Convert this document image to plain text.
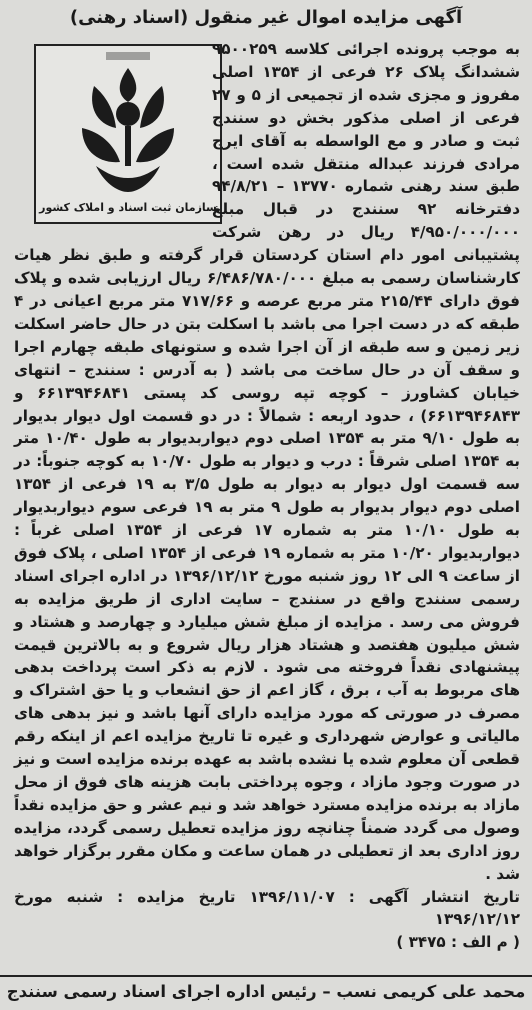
آگهی مزایده اموال غیر منقول (اسناد رهنی)
سازمان ثبت اسناد و املاک کشور
به موجب پرونده اجرائی کلاسه ۹۵۰۰۲۵۹ ششدانگ پلاک ۲۶ فرعی از ۱۳۵۴ اصلی مفروز و مجزی شده از تجمیعی از ۵ و ۲۷ فرعی از اصلی مذکور بخش دو سنندج ثبت و صادر و مع الواسطه به آقای ایرج مرادی فرزند عبداله منتقل شده است ، طبق سند رهنی شماره ۱۳۷۷۰ – ۹۴/۸/۲۱ دفترخانه ۹۲ سنندج در قبال مبلغ ۴/۹۵۰/۰۰۰/۰۰۰ ریال در رهن شرکت پشتیبانی امور دام استان کردستان قرار گرفته و طبق نظر هیات کارشناسان رسمی به مبلغ ۶/۴۸۶/۷۸۰/۰۰۰ ریال ارزیابی شده و پلاک فوق دارای ۲۱۵/۴۴ متر مربع عرصه و ۷۱۷/۶۶ متر مربع اعیانی در ۴ طبقه که در دست اجرا می باشد با اسکلت بتن در حال حاضر اسکلت زیر زمین و سه طبقه از آن اجرا شده و ستونهای طبقه چهارم اجرا و سقف آن در حال ساخت می باشد ( به آدرس : سنندج – انتهای خیابان کشاورز – کوچه تپه روسی کد پستی ۶۶۱۳۹۴۶۸۴۱ و ۶۶۱۳۹۴۶۸۴۳) ، حدود اربعه : شمالاً : در دو قسمت اول دیوار بدیوار به طول ۹/۱۰ متر به ۱۳۵۴ اصلی دوم دیواربدیوار به طول ۱۰/۴۰ متر به ۱۳۵۴ اصلی شرقاً : درب و دیوار به طول ۱۰/۷۰ به کوچه جنوباً: در سه قسمت اول دیوار به دیوار به طول ۳/۵ به ۱۹ فرعی از ۱۳۵۴ اصلی دوم دیوار بدیوار به طول ۹ متر به ۱۹ فرعی سوم دیواربدیوار به طول ۱۰/۱۰ متر به شماره ۱۷ فرعی از ۱۳۵۴ اصلی غرباً : دیواربدیوار ۱۰/۲۰ متر به شماره ۱۹ فرعی از ۱۳۵۴ اصلی ، پلاک فوق از ساعت ۹ الی ۱۲ روز شنبه مورخ ۱۳۹۶/۱۲/۱۲ در اداره اجرای اسناد رسمی سنندج واقع در سنندج – سایت اداری از طریق مزایده به فروش می رسد . مزایده از مبلغ شش میلیارد و چهارصد و هشتاد و شش میلیون هفتصد و هشتاد هزار ریال شروع و به بالاترین قیمت پیشنهادی نقداً فروخته می شود . لازم به ذکر است پرداخت بدهی های مربوط به آب ، برق ، گاز اعم از حق انشعاب و یا حق اشتراک و مصرف در صورتی که مورد مزایده دارای آنها باشد و نیز بدهی های مالیاتی و عوارض شهرداری و غیره تا تاریخ مزایده اعم از اینکه رقم قطعی آن معلوم شده یا نشده باشد به عهده برنده مزایده است و نیز در صورت وجود مازاد ، وجوه پرداختی بابت هزینه های فوق از محل مازاد به برنده مزایده مسترد خواهد شد و نیم عشر و حق مزایده نقداً وصول می گردد ضمناً چنانچه روز مزایده تعطیل رسمی گردد، مزایده روز اداری بعد از تعطیلی در همان ساعت و مکان مقرر برگزار خواهد شد .

تاریخ انتشار آگهی : ۱۳۹۶/۱۱/۰۷ تاریخ مزایده : شنبه مورخ ۱۳۹۶/۱۲/۱۲

( م الف : ۳۴۷۵ )

محمد علی کریمی نسب – رئیس اداره اجرای اسناد رسمی سنندج
